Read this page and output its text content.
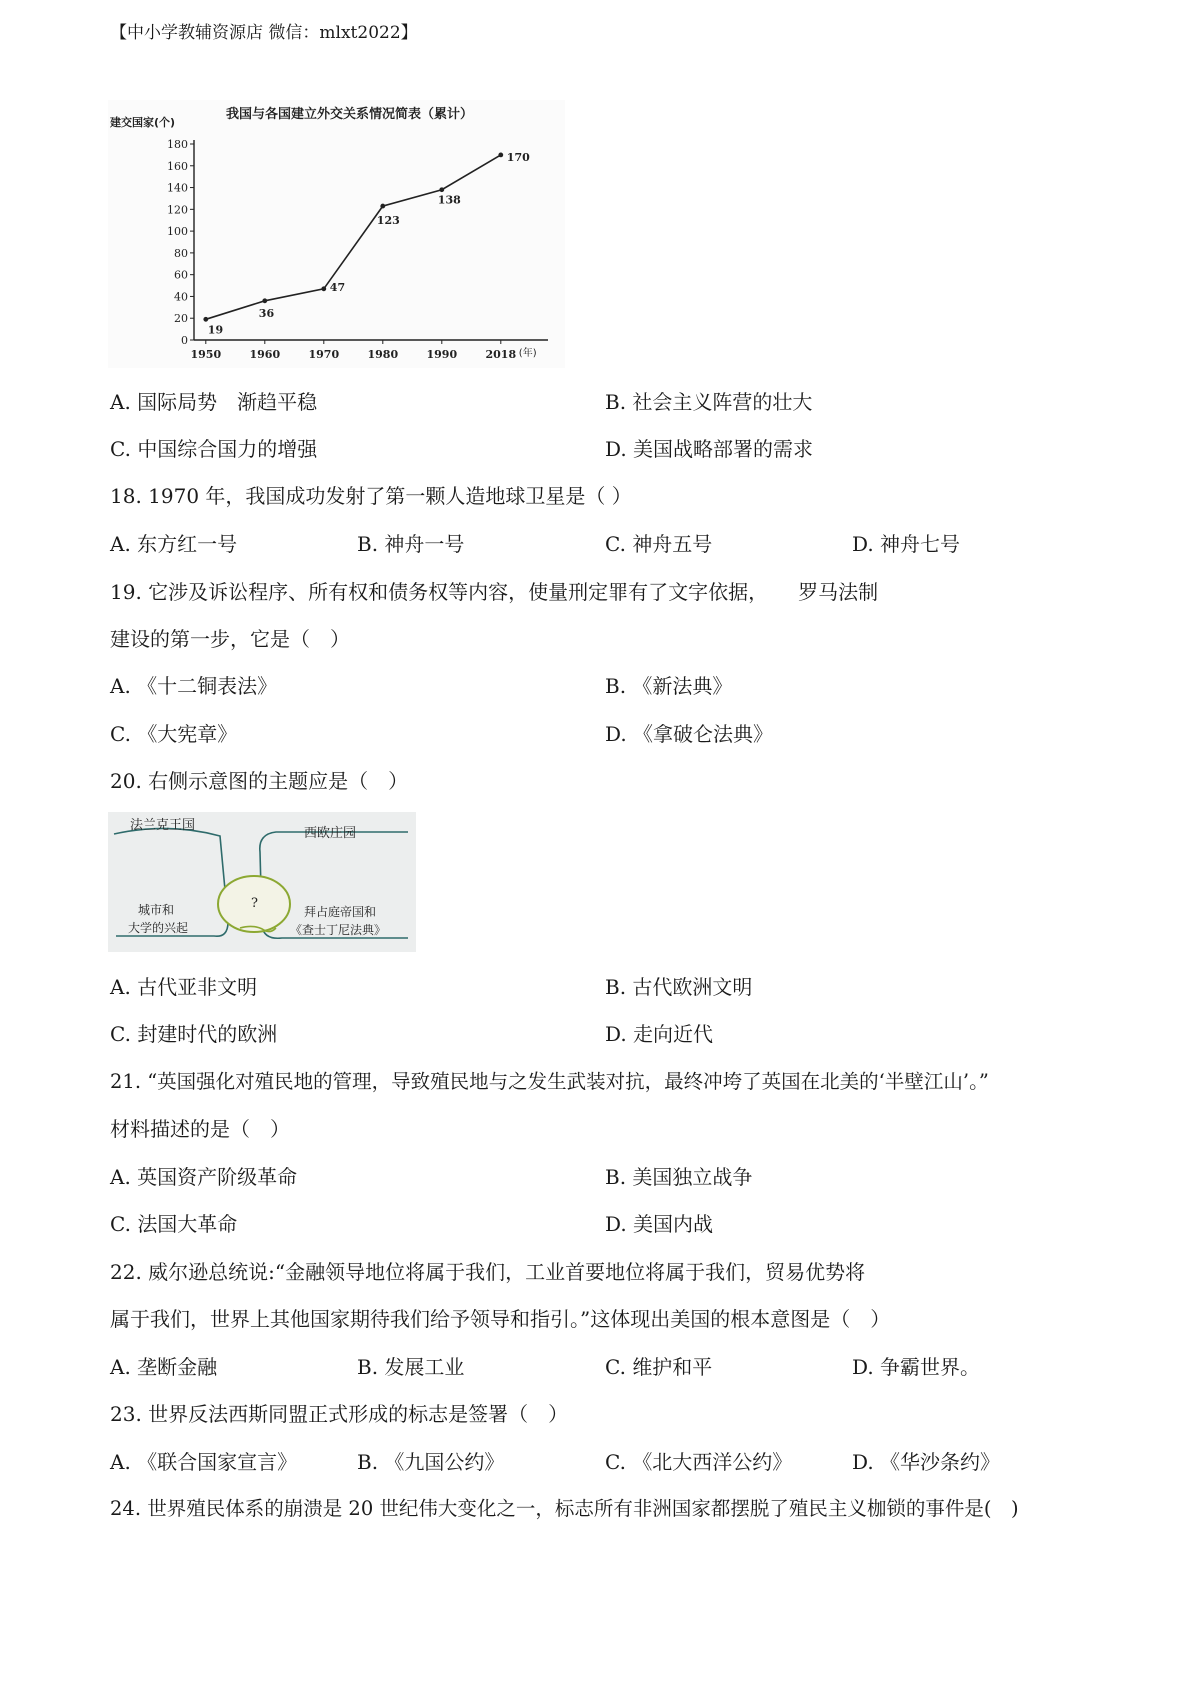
【中小学教辅资源店 微信：mlxt2022】
我国与各国建立外交关系情况简表（累计）
建交国家(个)
0
20
40
60
80
100
120
140
160
180
1950	1960	1970	1980	1990	2018 (年)
19
36
47
123
138
170
A. 国际局势　渐趋平稳	B. 社会主义阵营的壮大
C. 中国综合国力的增强	D. 美国战略部署的需求
18. 1970 年，我国成功发射了第一颗人造地球卫星是（ ）
A. 东方红一号	B. 神舟一号	C. 神舟五号	D. 神舟七号
19. 它涉及诉讼程序、所有权和债务权等内容，使量刑定罪有了文字依据，　　罗马法制
建设的第一步，它是（　）
A. 《十二铜表法》	B. 《新法典》
C. 《大宪章》	D. 《拿破仑法典》
20. 右侧示意图的主题应是（　）
法兰克王国
西欧庄园
?
城市和
大学的兴起
拜占庭帝国和
《查士丁尼法典》
A. 古代亚非文明	B. 古代欧洲文明
C. 封建时代的欧洲	D. 走向近代
21. “英国强化对殖民地的管理，导致殖民地与之发生武装对抗，最终冲垮了英国在北美的‘半壁江山’。”
材料描述的是（　）
A. 英国资产阶级革命	B. 美国独立战争
C. 法国大革命	D. 美国内战
22. 威尔逊总统说:“金融领导地位将属于我们，工业首要地位将属于我们，贸易优势将
属于我们，世界上其他国家期待我们给予领导和指引。”这体现出美国的根本意图是（　）
A. 垄断金融	B. 发展工业	C. 维护和平	D. 争霸世界。
23. 世界反法西斯同盟正式形成的标志是签署（　）
A. 《联合国家宣言》	B. 《九国公约》	C. 《北大西洋公约》	D. 《华沙条约》
24. 世界殖民体系的崩溃是 20 世纪伟大变化之一，标志所有非洲国家都摆脱了殖民主义枷锁的事件是(　)
